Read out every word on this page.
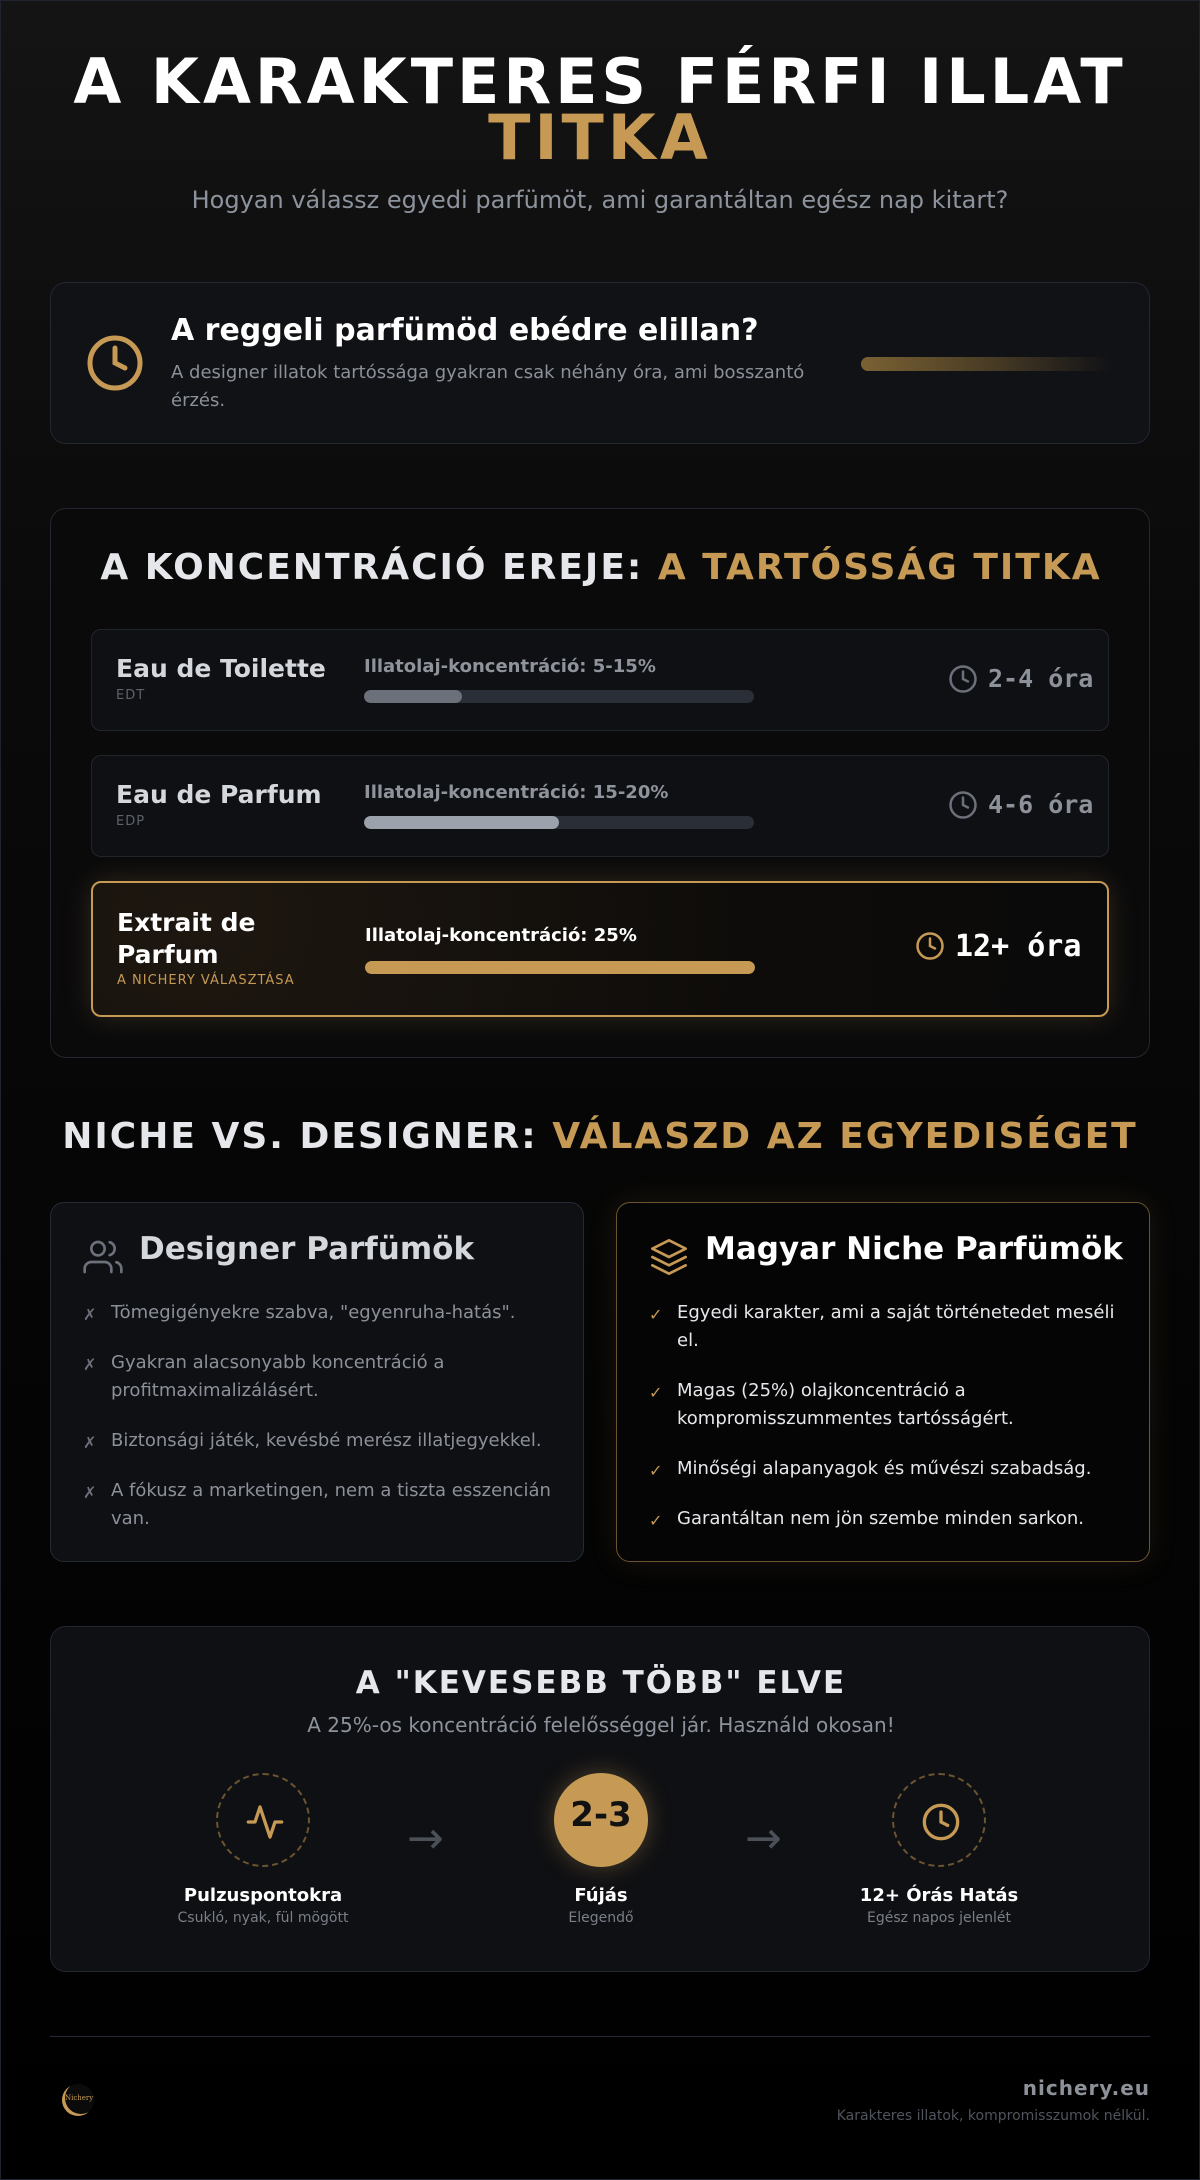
A KARAKTERES FÉRFI ILLAT
TITKA

Hogyan válassz egyedi parfümöt, ami garantáltan egész nap kitart?

A reggeli parfümöd ebédre elillan?

A designer illatok tartóssága gyakran csak néhány óra, ami bosszantó érzés.

A KONCENTRÁCIÓ EREJE: A TARTÓSSÁG TITKA
Eau de Toilette
EDT
Illatolaj-koncentráció: 5-15%	2-4 óra
Eau de Parfum
EDP
Illatolaj-koncentráció: 15-20%	4-6 óra
Extrait de Parfum
A NICHERY VÁLASZTÁSA
Illatolaj-koncentráció: 25%	12+ óra
NICHE VS. DESIGNER: VÁLASZD AZ EGYEDISÉGET
Designer Parfümök
✗ Tömegigényekre szabva, "egyenruha-hatás".
✗ Gyakran alacsonyabb koncentráció a profitmaximalizálásért.
✗ Biztonsági játék, kevésbé merész illatjegyekkel.
✗ A fókusz a marketingen, nem a tiszta esszencián van.
Magyar Niche Parfümök
✓ Egyedi karakter, ami a saját történetedet meséli el.
✓ Magas (25%) olajkoncentráció a kompromisszummentes tartósságért.
✓ Minőségi alapanyagok és művészi szabadság.
✓ Garantáltan nem jön szembe minden sarkon.
A "KEVESEBB TÖBB" ELVE

A 25%-os koncentráció felelősséggel jár. Használd okosan!

Pulzuspontokra
Csukló, nyak, fül mögött
→	2-3
Fújás
Elegendő
→
12+ Órás Hatás
Egész napos jelenlét
Nichery	nichery.eu
Karakteres illatok, kompromisszumok nélkül.
